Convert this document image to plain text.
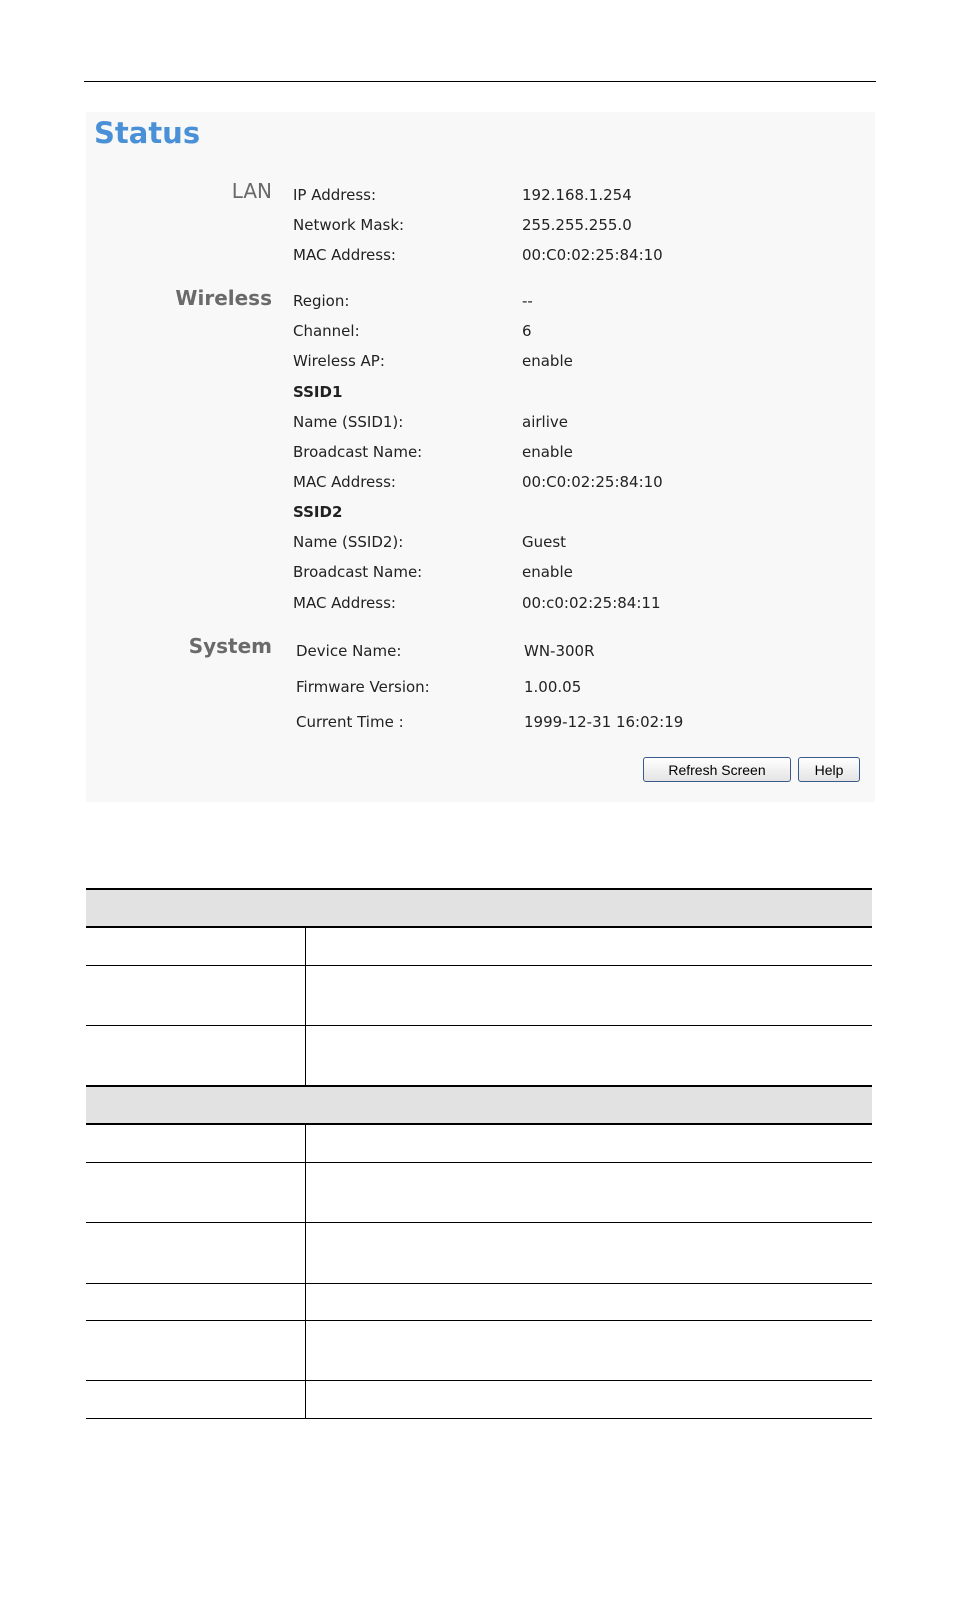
Status
LAN IP Address:	192.168.1.254
Network Mask:	255.255.255.0
MAC Address:	00:C0:02:25:84:10
Wireless Region:	--
Channel:	6
Wireless AP:	enable
SSID1
Name (SSID1):	airlive
Broadcast Name:	enable
MAC Address:	00:C0:02:25:84:10
SSID2
Name (SSID2):	Guest
Broadcast Name:	enable
MAC Address:	00:c0:02:25:84:11
System Device Name:	WN-300R
Firmware Version:	1.00.05
Current Time :	1999-12-31 16:02:19
Refresh Screen	Help
